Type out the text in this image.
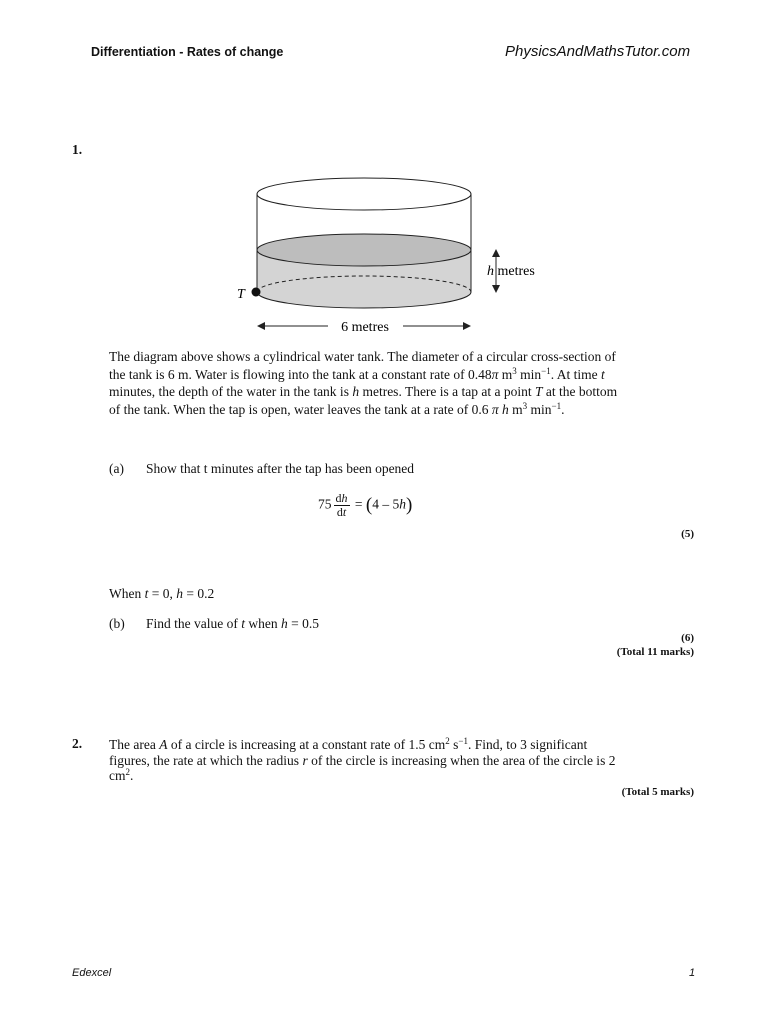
Differentiation - Rates of change	PhysicsAndMathsTutor.com
1.
T
h metres
6 metres
The diagram above shows a cylindrical water tank. The diameter of a circular cross-section of
the tank is 6 m. Water is flowing into the tank at a constant rate of 0.48π $m^3$ $\min^{-1}$. At time t
minutes, the depth of the water in the tank is h metres. There is a tap at a point T at the bottom
of the tank. When the tap is open, water leaves the tank at a rate of 0.6 π h $m^3$ $\min^{-1}$.
(a) Show that t minutes after the tap has been opened
$75 \frac{dh}{dt} = (4 - 5h)$
(5)
When t = 0, h = 0.2
(b) Find the value of t when h = 0.5
(6)
(Total 11 marks)
2. The area A of a circle is increasing at a constant rate of 1.5 $cm^2$ $s^{-1}$. Find, to 3 significant
figures, the rate at which the radius r of the circle is increasing when the area of the circle is 2
$cm^2$.
(Total 5 marks)
Edexcel	1
